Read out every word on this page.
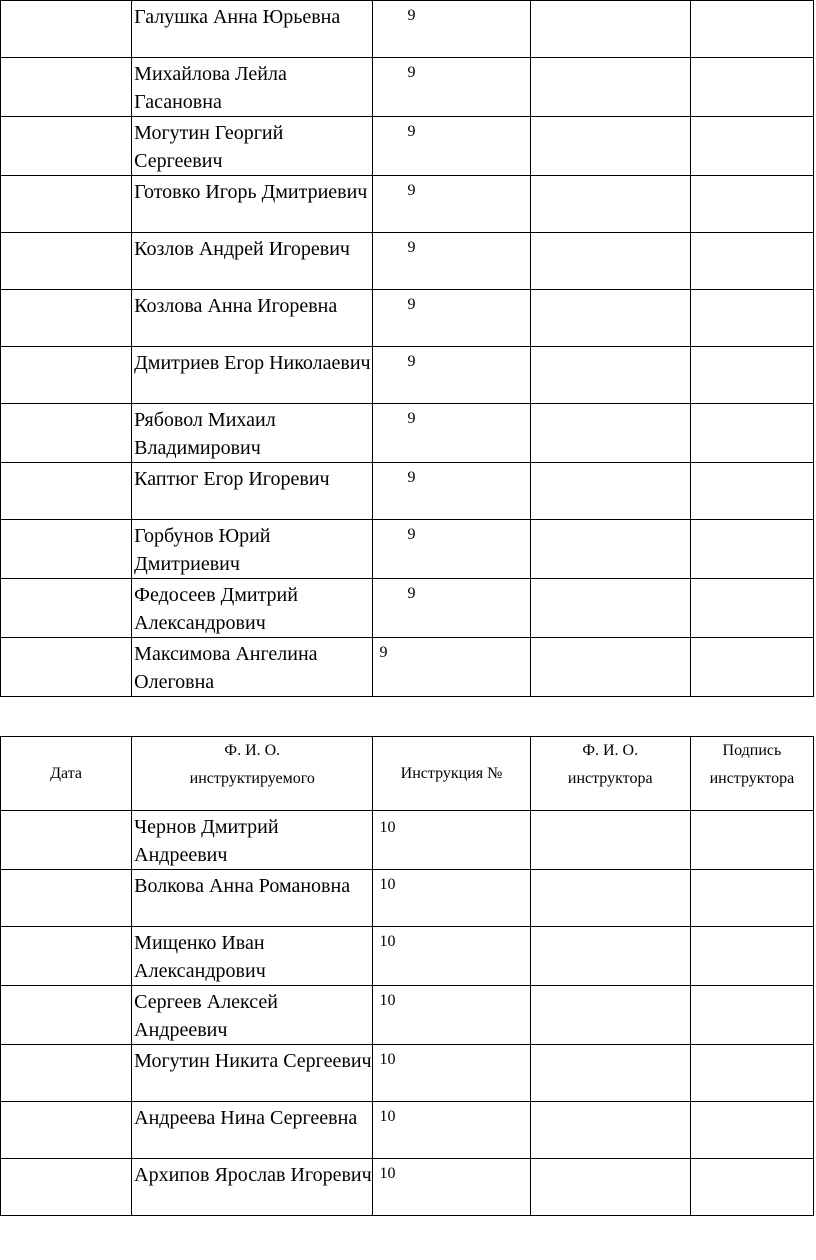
	Галушка Анна Юрьевна	9		

	Михайлова Лейла Гасановна	9		

	Могутин Георгий Сергеевич	9		

	Готовко Игорь Дмитриевич	9		

	Козлов Андрей Игоревич	9		

	Козлова Анна Игоревна	9		

	Дмитриев Егор Николаевич	9		

	Рябовол Михаил Владимирович	9		

	Каптюг Егор Игоревич	9		

	Горбунов Юрий Дмитриевич	9		

	Федосеев Дмитрий Александрович	9		

	Максимова Ангелина Олеговна	9		

Дата	Ф. И. О. инструктируемого	Инструкция №	Ф. И. О. инструктора	Подпись инструктора

	Чернов Дмитрий Андреевич	10		

	Волкова Анна Романовна	10		

	Мищенко Иван Александрович	10		

	Сергеев Алексей Андреевич	10		

	Могутин Никита Сергеевич	10		

	Андреева Нина Сергеевна	10		

	Архипов Ярослав Игоревич	10		
